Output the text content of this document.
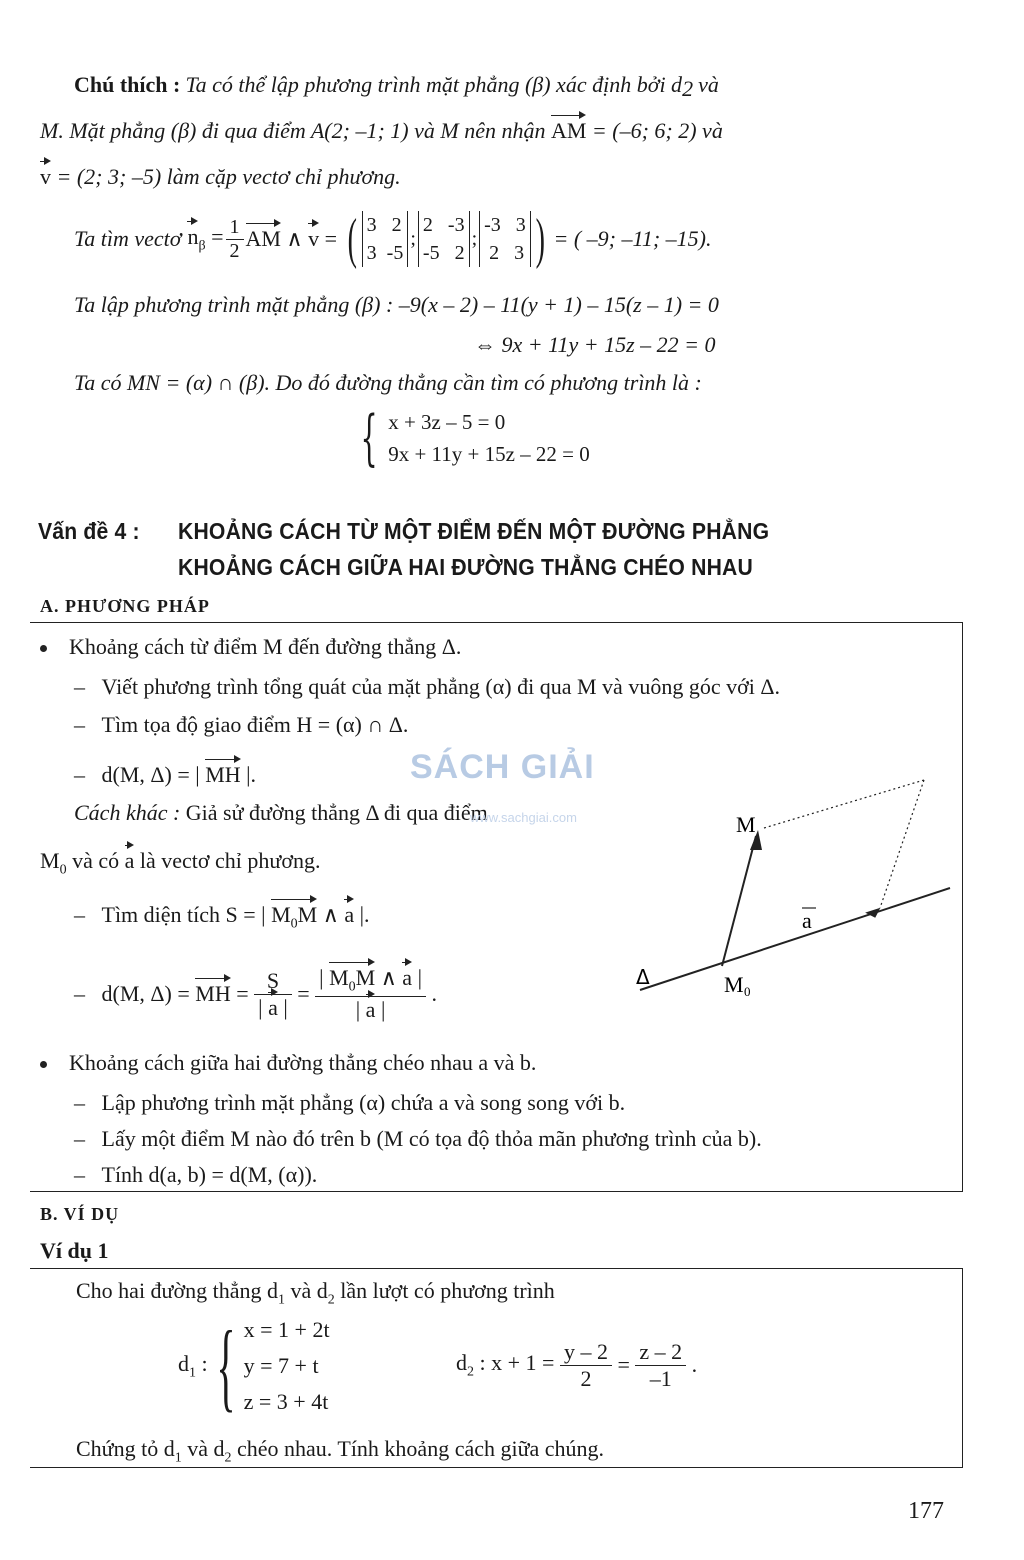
Chú thích : Ta có thể lập phương trình mặt phẳng (β) xác định bởi $d_2$ và
M. Mặt phẳng (β) đi qua điểm A(2; –1; 1) và M nên nhận AM = (–6; 6; 2) và
v = (2; 3; –5) làm cặp vectơ chỉ phương.
Ta tìm vectơ $n_\beta = \frac{1}{2}$ AM ∧ v = ( 3   2
3  -5
;
2   -3
-5   2
;
-3   3
2   3 ) = ( –9; –11; –15).
Ta lập phương trình mặt phẳng (β) : –9(x – 2) – 11(y + 1) – 15(z – 1) = 0
⇔ 9x + 11y + 15z – 22 = 0
Ta có MN = (α) ∩ (β). Do đó đường thẳng cần tìm có phương trình là :
{ x + 3z – 5 = 0
9x + 11y + 15z – 22 = 0
Vấn đề 4 : KHOẢNG CÁCH TỪ MỘT ĐIỂM ĐẾN MỘT ĐƯỜNG PHẲNG
KHOẢNG CÁCH GIỮA HAI ĐƯỜNG THẲNG CHÉO NHAU
A. PHƯƠNG PHÁP
Khoảng cách từ điểm M đến đường thẳng Δ.
–   Viết phương trình tổng quát của mặt phẳng (α) đi qua M và vuông góc với Δ.
–   Tìm tọa độ giao điểm H = (α) ∩ Δ.
–   d(M, Δ) = | MH |.
Cách khác : Giả sử đường thẳng Δ đi qua điểm
$M_0$ và có a là vectơ chỉ phương.
–   Tìm diện tích S = | $M_0M$ ∧ a |.
– d(M, Δ) =
MH = $\frac{S}{| a |} = \frac{| M_0M \wedge a |}{| a |}$ .
M
M 0
a
Δ
SÁCH GIẢI
www.sachgiai.com
Khoảng cách giữa hai đường thẳng chéo nhau a và b.
–   Lập phương trình mặt phẳng (α) chứa a và song song với b.
–   Lấy một điểm M nào đó trên b (M có tọa độ thỏa mãn phương trình của b).
–   Tính d(a, b) = d(M, (α)).
B. VÍ DỤ
Ví dụ 1
Cho hai đường thẳng $d_1$ và $d_2$ lần lượt có phương trình
$d_1$ : { x = 1 + 2t
y = 7 + t
z = 3 + 4t
$d_2$ : $x + 1 = \frac{y - 2}{2} = \frac{z - 2}{-1}$ .
Chứng tỏ $d_1$ và $d_2$ chéo nhau. Tính khoảng cách giữa chúng.
177
